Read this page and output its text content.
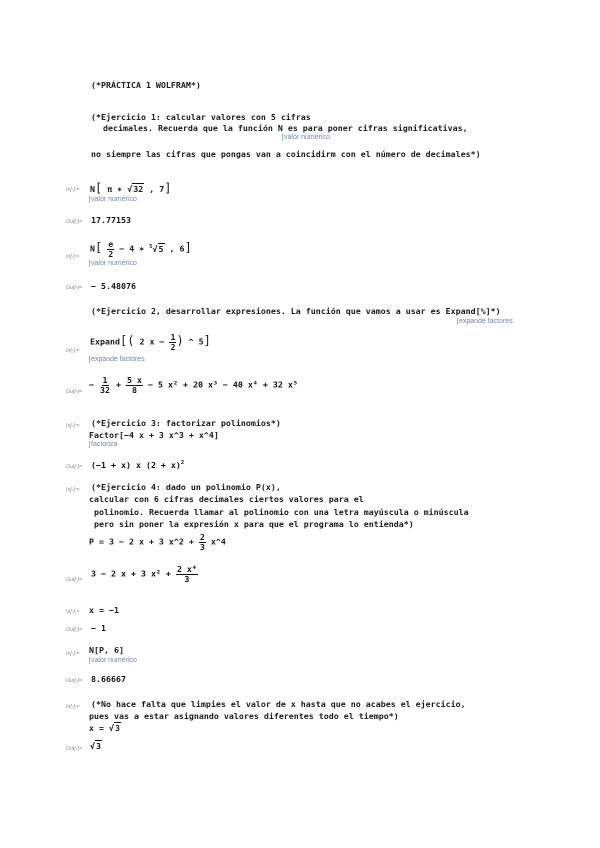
(*PRÁCTICA 1 WOLFRAM*)
(*Ejercicio 1: calcular valores con 5 cifras
decimales. Recuerda que la función N es para poner cifras significativas,
valor numérico
no siempre las cifras que pongas van a coincidirm con el número de decimales*)
In[-]:= N[ π ∗ √32 , 7]
valor numérico
Out[-]= 17.77153
In[-]:=
$N[ \frac{e}{2} - 4$ ∗ $^5$√5 , 6]
valor numérico
Out[-]= − 5.48076
(*Ejercicio 2, desarrollar expresiones. La función que vamos a usar es Expand[%]*)
expande factores
In[-]:=
Expand[( 2 $x - \frac{1}{2}$ ) ^ 5]
expande factores
Out[-]=
− $\frac{1}{32} + \frac{5 x}{8} - 5$ x² + 20 x³ − 40 x⁴ + 32 x⁵
In[-]:= (*Ejercicio 3: factorizar polinomios*)
Factor[−4 x + 3 x^3 + x^4]
factoriza
Out[-]= (−1 + x) x $(2 + x)^2$
In[-]:= (*Ejercicio 4: dado un polinomio P(x),
calcular con 6 cifras decimales ciertos valores para el
polinomio. Recuerda llamar al polinomio con una letra mayúscula o minúscula
pero sin poner la expresión x para que el programa lo entienda*)
P = 3 − 2 x + 3 x^2 + $\frac{2}{3}$ x^4
Out[-]=
3 − 2 x + 3 $x^2 + \frac{\text{2 x⁴}}{3}$
In[-]:= x = −1
Out[-]= − 1
In[-]:= N[P, 6]
valor numérico
Out[-]= 8.66667
In[-]:= (*No hace falta que limpies el valor de x hasta que no acabes el ejercicio,
pues vas a estar asignando valores diferentes todo el tiempo*)
x = √3
Out[-]= √3
